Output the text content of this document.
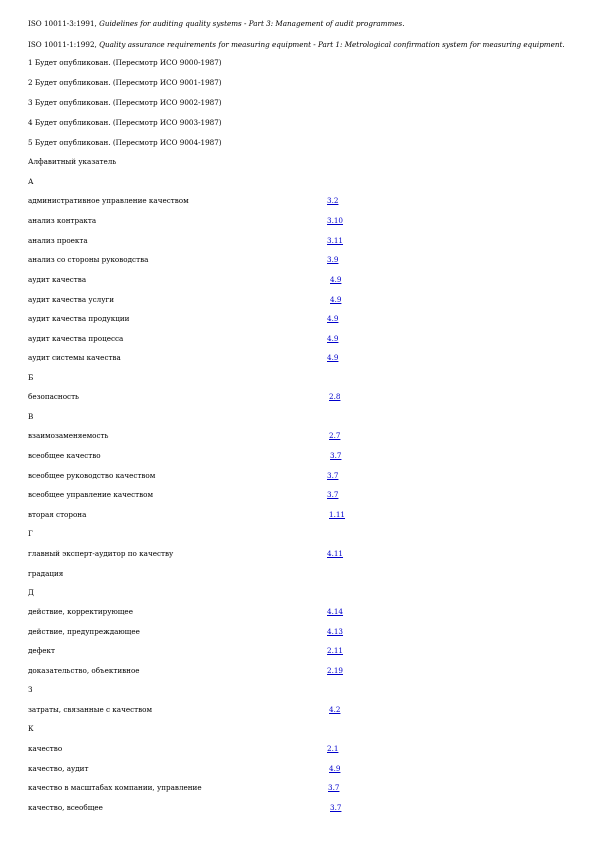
ISO 10011-3:1991, Guidelines for auditing quality systems - Part 3: Management of audit programmes.
ISO 10011-1:1992, Quality assurance requirements for measuring equipment - Part 1: Metrological confirmation system for measuring equipment.
1 Будет опубликован. (Пересмотр ИСО 9000-1987)
2 Будет опубликован. (Пересмотр ИСО 9001-1987)
3 Будет опубликован. (Пересмотр ИСО 9002-1987)
4 Будет опубликован. (Пересмотр ИСО 9003-1987)
5 Будет опубликован. (Пересмотр ИСО 9004-1987)
Алфавитный указатель
А
административное управление качеством	3.2
анализ контракта	3.10
анализ проекта	3.11
анализ со стороны руководства	3.9
аудит качества	4.9
аудит качества услуги	4.9
аудит качества продукции	4.9
аудит качества процесса	4.9
аудит системы качества	4.9
Б
безопасность	2.8
В
взаимозаменяемость	2.7
всеобщее качество	3.7
всеобщее руководство качеством	3.7
всеобщее управление качеством	3.7
вторая сторона	1.11
Г
главный эксперт-аудитор по качеству	4.11
градация
Д
действие, корректирующее	4.14
действие, предупреждающее	4.13
дефект	2.11
доказательство, объективное	2.19
З
затраты, связанные с качеством	4.2
К
качество	2.1
качество, аудит	4.9
качество в масштабах компании, управление	3.7
качество, всеобщее	3.7
